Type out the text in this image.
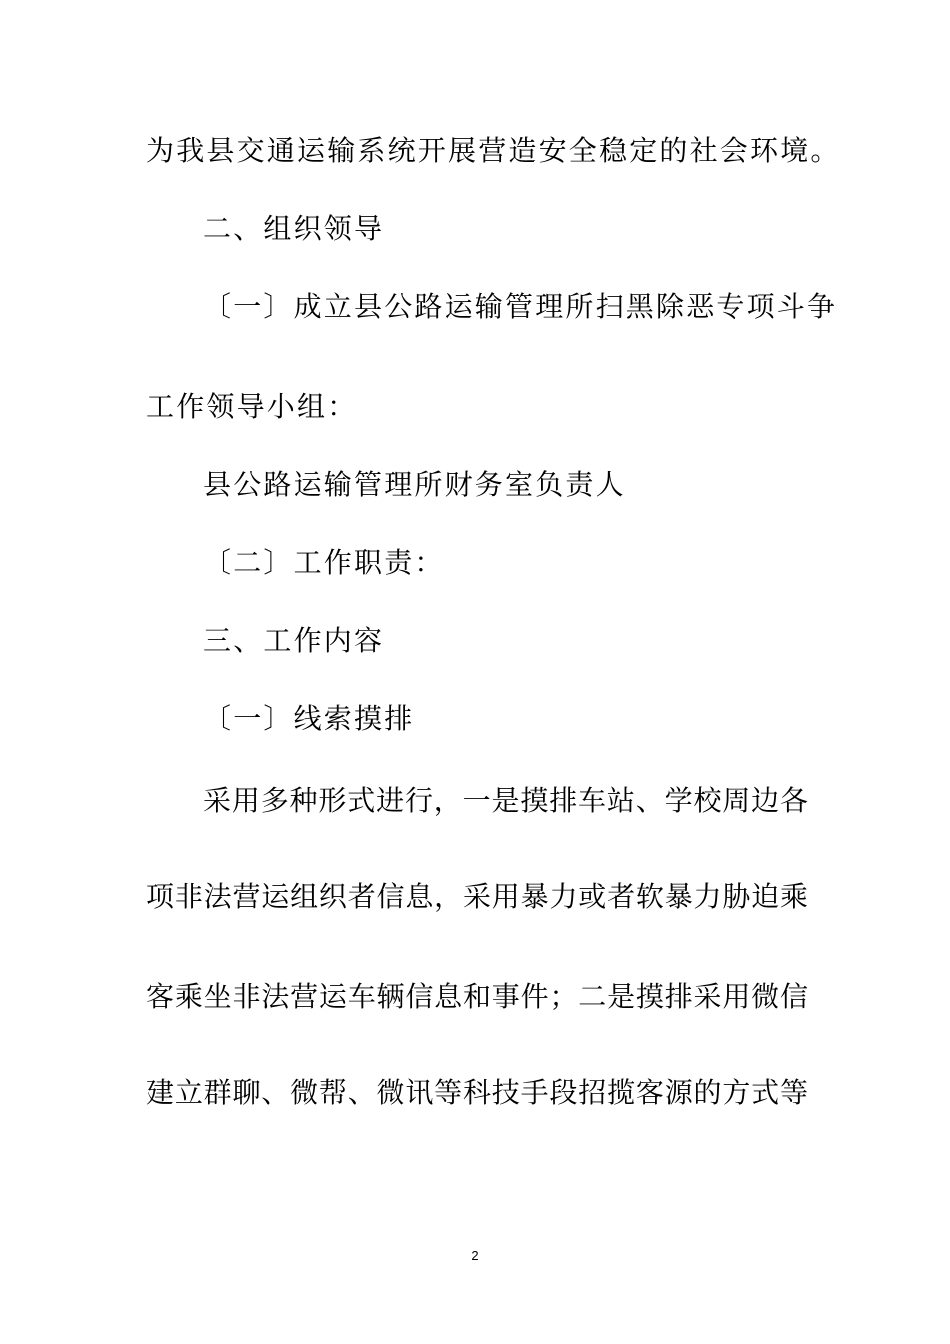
为我县交通运输系统开展营造安全稳定的社会环境。

二、组织领导

〔一〕成立县公路运输管理所扫黑除恶专项斗争

工作领导小组：

县公路运输管理所财务室负责人

〔二〕工作职责：

三、工作内容

〔一〕线索摸排

采用多种形式进行，一是摸排车站、学校周边各

项非法营运组织者信息，采用暴力或者软暴力胁迫乘

客乘坐非法营运车辆信息和事件；二是摸排采用微信

建立群聊、微帮、微讯等科技手段招揽客源的方式等

2
